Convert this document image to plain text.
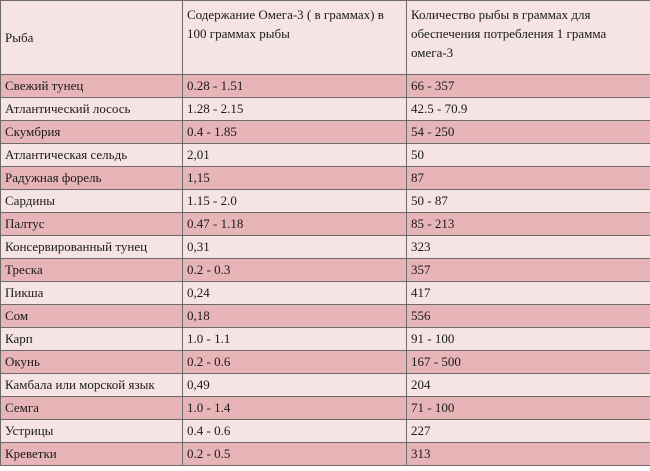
Рыба	Содержание Омега-3 ( в граммах) в 100 граммах рыбы	Количество рыбы в граммах для обеспечения потребления 1 грамма омега-3
Свежий тунец	0.28 - 1.51	66 - 357
Атлантический лосось	1.28 - 2.15	42.5 - 70.9
Скумбрия	0.4 - 1.85	54 - 250
Атлантическая сельдь	2,01	50
Радужная форель	1,15	87
Сардины	1.15 - 2.0	50 - 87
Палтус	0.47 - 1.18	85 - 213
Консервированный тунец	0,31	323
Треска	0.2 - 0.3	357
Пикша	0,24	417
Сом	0,18	556
Карп	1.0 - 1.1	91 - 100
Окунь	0.2 - 0.6	167 - 500
Камбала или морской язык	0,49	204
Семга	1.0 - 1.4	71 - 100
Устрицы	0.4 - 0.6	227
Креветки	0.2 - 0.5	313
